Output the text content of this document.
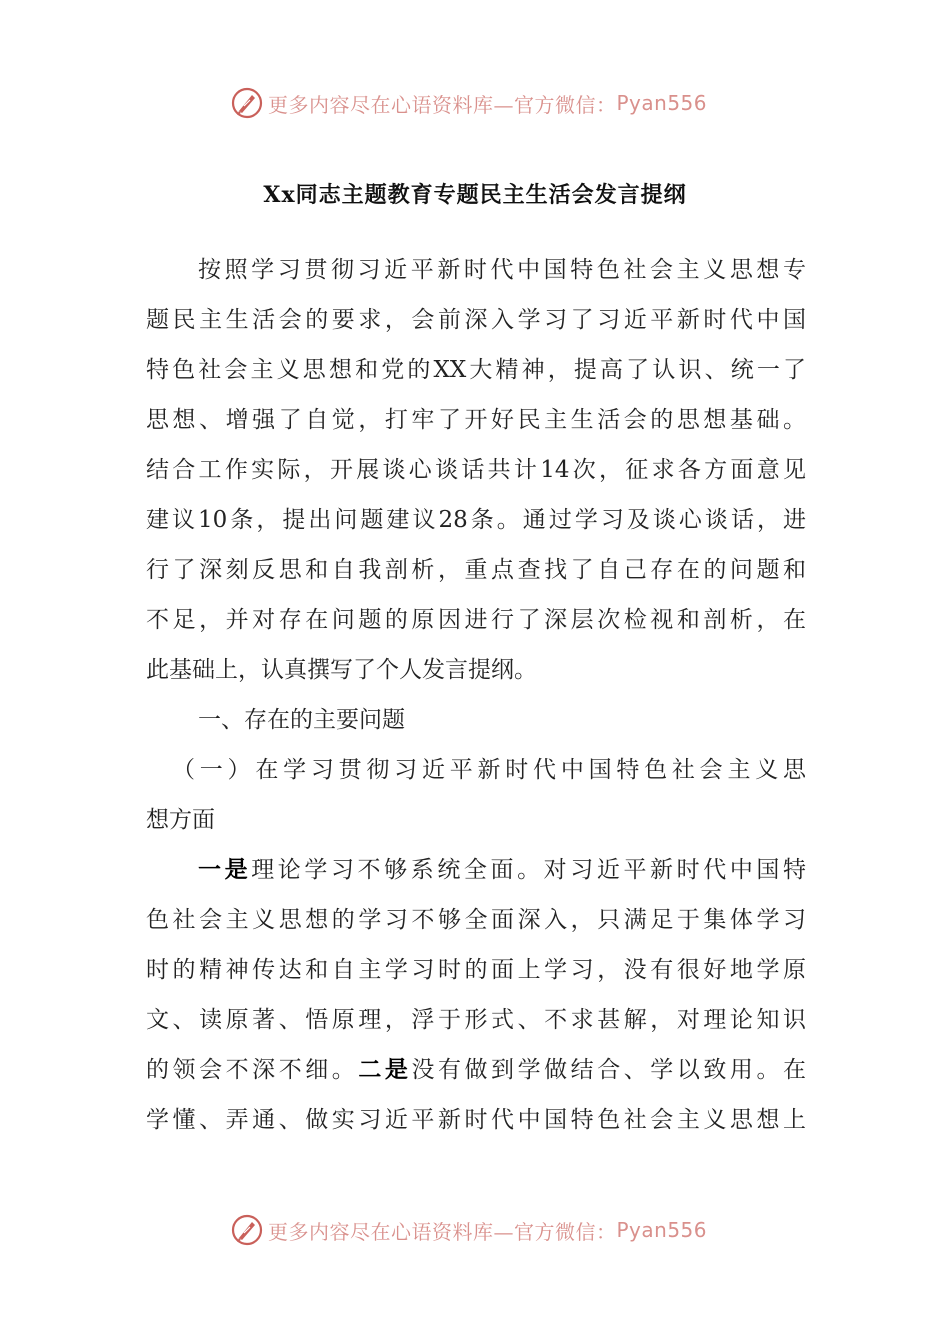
更多内容尽在心语资料库—官方微信： Pyan556
Xx同志主题教育专题民主生活会发言提纲
按照学习贯彻习近平新时代中国特色社会主义思想专
题民主生活会的要求，会前深入学习了习近平新时代中国
特色社会主义思想和党的XX大精神，提高了认识、统一了
思想、增强了自觉，打牢了开好民主生活会的思想基础。
结合工作实际，开展谈心谈话共计14次，征求各方面意见
建议10条，提出问题建议28条。通过学习及谈心谈话，进
行了深刻反思和自我剖析，重点查找了自己存在的问题和
不足，并对存在问题的原因进行了深层次检视和剖析，在
此基础上，认真撰写了个人发言提纲。
一、存在的主要问题
（一）在学习贯彻习近平新时代中国特色社会主义思
想方面
一是理论学习不够系统全面。对习近平新时代中国特
色社会主义思想的学习不够全面深入，只满足于集体学习
时的精神传达和自主学习时的面上学习，没有很好地学原
文、读原著、悟原理，浮于形式、不求甚解，对理论知识
的领会不深不细。二是没有做到学做结合、学以致用。在
学懂、弄通、做实习近平新时代中国特色社会主义思想上
更多内容尽在心语资料库—官方微信： Pyan556
